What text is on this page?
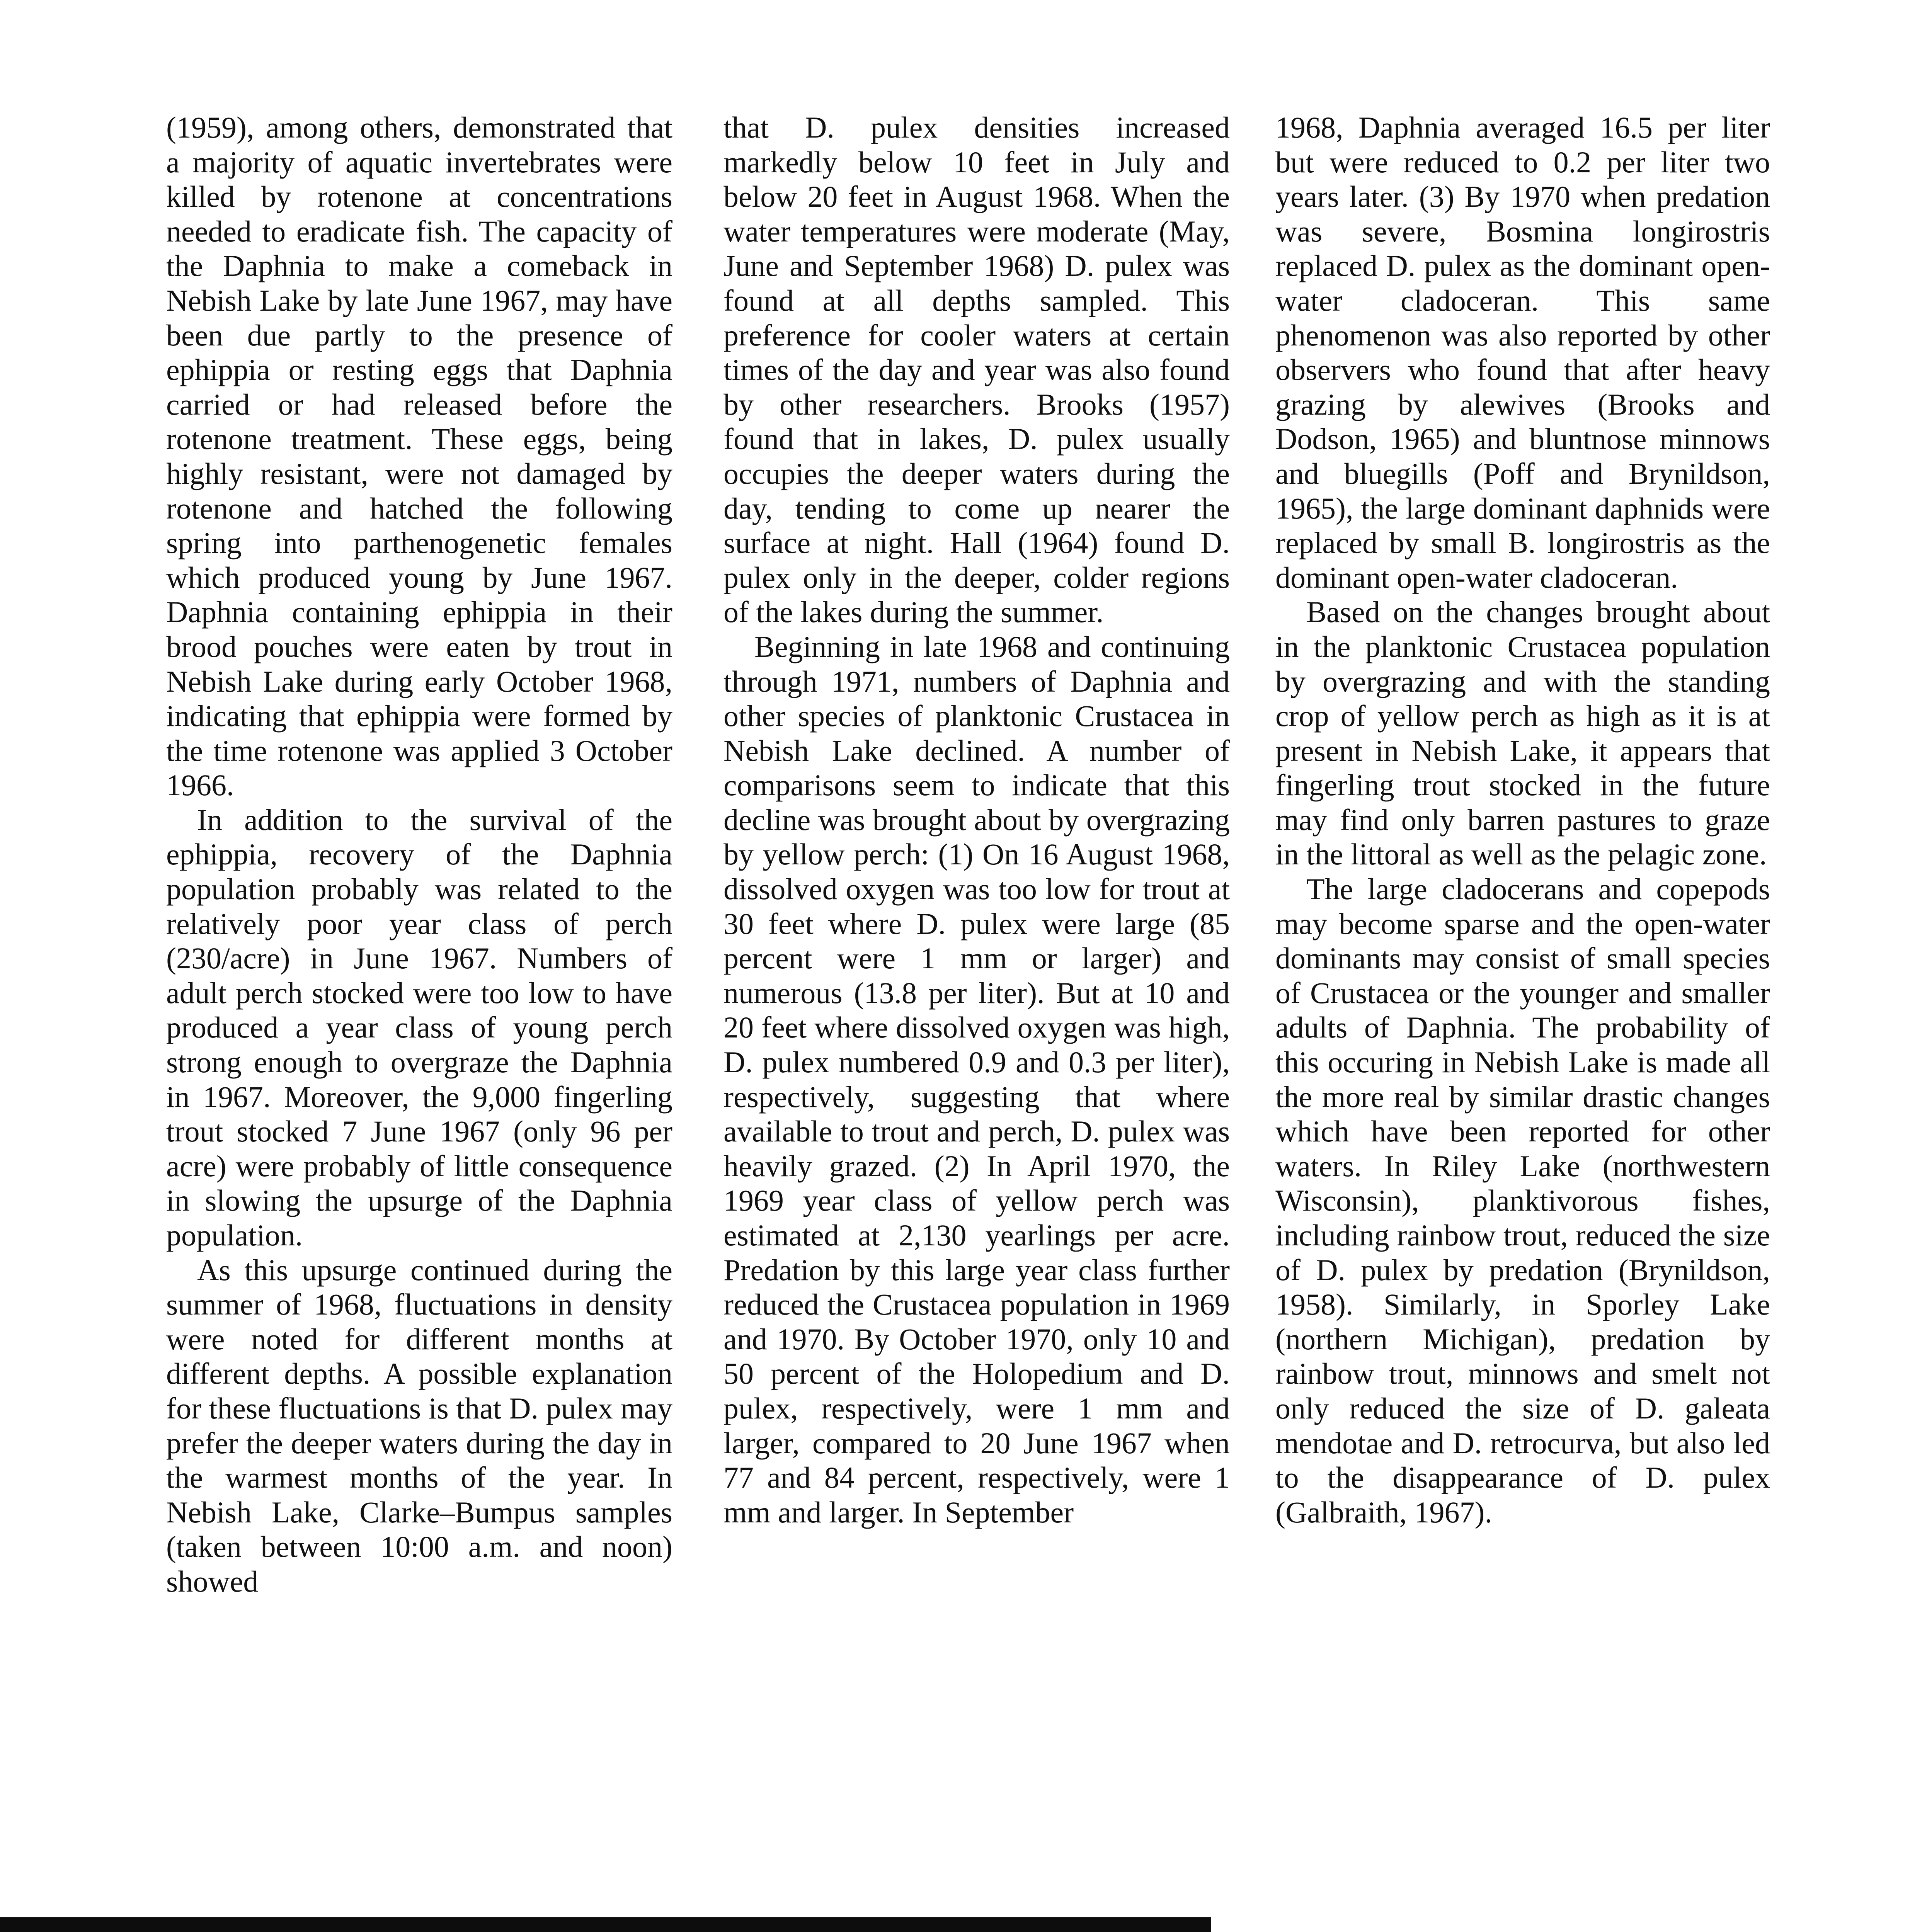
(1959), among others, demonstrated that a majority of aquatic invertebrates were killed by rotenone at concentrations needed to eradicate fish. The capacity of the Daphnia to make a comeback in Nebish Lake by late June 1967, may have been due partly to the presence of ephippia or resting eggs that Daphnia carried or had released before the rotenone treatment. These eggs, being highly resistant, were not damaged by rotenone and hatched the following spring into parthenogenetic females which produced young by June 1967. Daphnia containing ephippia in their brood pouches were eaten by trout in Nebish Lake during early October 1968, indicating that ephippia were formed by the time rotenone was applied 3 October 1966.

In addition to the survival of the ephippia, recovery of the Daphnia population probably was related to the relatively poor year class of perch (230/acre) in June 1967. Numbers of adult perch stocked were too low to have produced a year class of young perch strong enough to overgraze the Daphnia in 1967. Moreover, the 9,000 fingerling trout stocked 7 June 1967 (only 96 per acre) were probably of little consequence in slowing the upsurge of the Daphnia population.

As this upsurge continued during the summer of 1968, fluctuations in density were noted for different months at different depths. A possible explanation for these fluctuations is that D. pulex may prefer the deeper waters during the day in the warmest months of the year. In Nebish Lake, Clarke–Bumpus samples (taken between 10:00 a.m. and noon) showed

that D. pulex densities increased markedly below 10 feet in July and below 20 feet in August 1968. When the water temperatures were moderate (May, June and September 1968) D. pulex was found at all depths sampled. This preference for cooler waters at certain times of the day and year was also found by other researchers. Brooks (1957) found that in lakes, D. pulex usually occupies the deeper waters during the day, tending to come up nearer the surface at night. Hall (1964) found D. pulex only in the deeper, colder regions of the lakes during the summer.

Beginning in late 1968 and continuing through 1971, numbers of Daphnia and other species of planktonic Crustacea in Nebish Lake declined. A number of comparisons seem to indicate that this decline was brought about by overgrazing by yellow perch: (1) On 16 August 1968, dissolved oxygen was too low for trout at 30 feet where D. pulex were large (85 percent were 1 mm or larger) and numerous (13.8 per liter). But at 10 and 20 feet where dissolved oxygen was high, D. pulex numbered 0.9 and 0.3 per liter), respectively, suggesting that where available to trout and perch, D. pulex was heavily grazed. (2) In April 1970, the 1969 year class of yellow perch was estimated at 2,130 yearlings per acre. Predation by this large year class further reduced the Crustacea population in 1969 and 1970. By October 1970, only 10 and 50 percent of the Holopedium and D. pulex, respectively, were 1 mm and larger, compared to 20 June 1967 when 77 and 84 percent, respectively, were 1 mm and larger. In September

1968, Daphnia averaged 16.5 per liter but were reduced to 0.2 per liter two years later. (3) By 1970 when predation was severe, Bosmina longirostris replaced D. pulex as the dominant open-water cladoceran. This same phenomenon was also reported by other observers who found that after heavy grazing by alewives (Brooks and Dodson, 1965) and bluntnose minnows and bluegills (Poff and Brynildson, 1965), the large dominant daphnids were replaced by small B. longirostris as the dominant open-water cladoceran.

Based on the changes brought about in the planktonic Crustacea population by overgrazing and with the standing crop of yellow perch as high as it is at present in Nebish Lake, it appears that fingerling trout stocked in the future may find only barren pastures to graze in the littoral as well as the pelagic zone.

The large cladocerans and copepods may become sparse and the open-water dominants may consist of small species of Crustacea or the younger and smaller adults of Daphnia. The probability of this occuring in Nebish Lake is made all the more real by similar drastic changes which have been reported for other waters. In Riley Lake (northwestern Wisconsin), planktivorous fishes, including rainbow trout, reduced the size of D. pulex by predation (Brynildson, 1958). Similarly, in Sporley Lake (northern Michigan), predation by rainbow trout, minnows and smelt not only reduced the size of D. galeata mendotae and D. retrocurva, but also led to the disappearance of D. pulex (Galbraith, 1967).
